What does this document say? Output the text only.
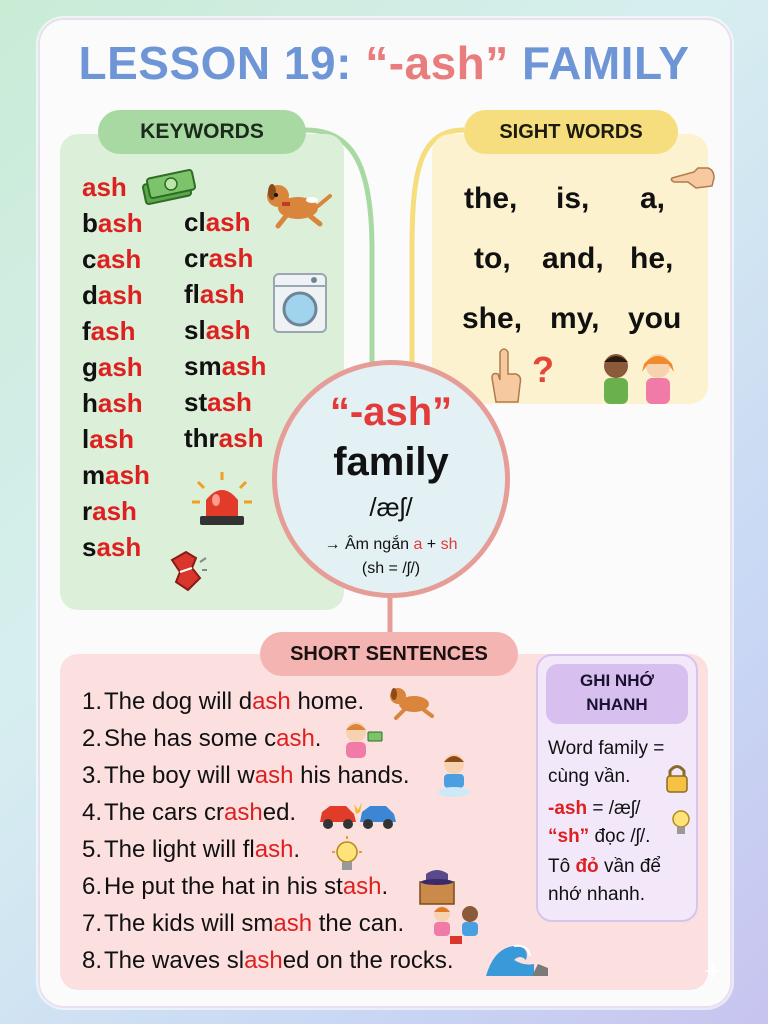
LESSON 19: “-ash” FAMILY
KEYWORDS
ash
bash
cash
dash
fash
gash
hash
lash
mash
rash
sash
clash
crash
flash
slash
smash
stash
thrash
SIGHT WORDS
the, is, a,
to, and, he,
she, my, you
?
“-ash”
family
/æʃ/
→ Âm ngắn a + sh
(sh = /ʃ/)
SHORT SENTENCES
1.The dog will dash home.
2.She has some cash.
3.The boy will wash his hands.
4.The cars crashed.
5.The light will flash.
6.He put the hat in his stash.
7.The kids will smash the can.
8.The waves slashed on the rocks.
GHI NHỚ
NHANH
Word family =
cùng vần.
-ash = /æʃ/
“sh” đọc /ʃ/.
Tô đỏ vần để
nhớ nhanh.
